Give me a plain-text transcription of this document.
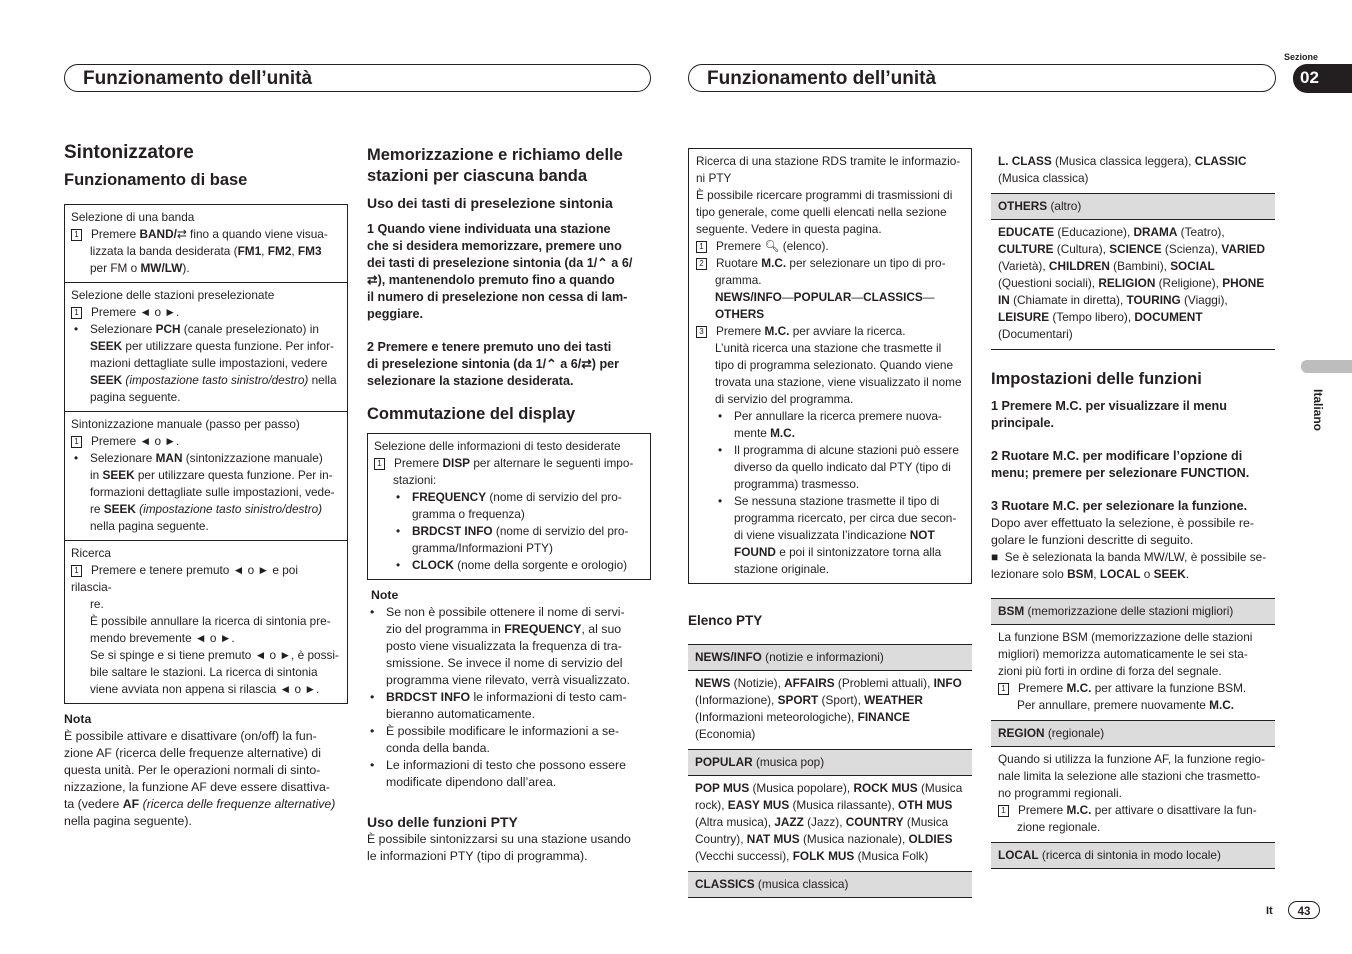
Funzionamento dell’unità	Funzionamento dell’unità
Sezione
02
Italiano
It	43
Sintonizzatore
Funzionamento di base
Selezione di una banda
1 Premere BAND/⇄ fino a quando viene visua-
lizzata la banda desiderata (FM1, FM2, FM3
per FM o MW/LW).
Selezione delle stazioni preselezionate
1 Premere ◄ o ►.
• Selezionare PCH (canale preselezionato) in
SEEK per utilizzare questa funzione. Per infor-
mazioni dettagliate sulle impostazioni, vedere
SEEK (impostazione tasto sinistro/destro) nella
pagina seguente.
Sintonizzazione manuale (passo per passo)
1 Premere ◄ o ►.
• Selezionare MAN (sintonizzazione manuale)
in SEEK per utilizzare questa funzione. Per in-
formazioni dettagliate sulle impostazioni, vede-
re SEEK (impostazione tasto sinistro/destro)
nella pagina seguente.
Ricerca
1 Premere e tenere premuto ◄ o ► e poi rilascia-
re.
È possibile annullare la ricerca di sintonia pre-
mendo brevemente ◄ o ►.
Se si spinge e si tiene premuto ◄ o ►, è possi-
bile saltare le stazioni. La ricerca di sintonia
viene avviata non appena si rilascia ◄ o ►.
Nota
È possibile attivare e disattivare (on/off) la fun-
zione AF (ricerca delle frequenze alternative) di
questa unità. Per le operazioni normali di sinto-
nizzazione, la funzione AF deve essere disattiva-
ta (vedere AF (ricerca delle frequenze alternative)
nella pagina seguente).
Memorizzazione e richiamo delle
stazioni per ciascuna banda
Uso dei tasti di preselezione sintonia
1 Quando viene individuata una stazione
che si desidera memorizzare, premere uno
dei tasti di preselezione sintonia (da 1/⌃ a 6/
⇄), mantenendolo premuto fino a quando
il numero di preselezione non cessa di lam-
peggiare.
2 Premere e tenere premuto uno dei tasti
di preselezione sintonia (da 1/⌃ a 6/⇄) per
selezionare la stazione desiderata.
Commutazione del display
Selezione delle informazioni di testo desiderate
1 Premere DISP per alternare le seguenti impo-
stazioni:
• FREQUENCY (nome di servizio del pro-
gramma o frequenza)
• BRDCST INFO (nome di servizio del pro-
gramma/Informazioni PTY)
• CLOCK (nome della sorgente e orologio)
Note
• Se non è possibile ottenere il nome di servi-
zio del programma in FREQUENCY, al suo
posto viene visualizzata la frequenza di tra-
smissione. Se invece il nome di servizio del
programma viene rilevato, verrà visualizzato.
• BRDCST INFO le informazioni di testo cam-
bieranno automaticamente.
• È possibile modificare le informazioni a se-
conda della banda.
• Le informazioni di testo che possono essere
modificate dipendono dall’area.
Uso delle funzioni PTY
È possibile sintonizzarsi su una stazione usando
le informazioni PTY (tipo di programma).
Ricerca di una stazione RDS tramite le informazio-
ni PTY
È possibile ricercare programmi di trasmissioni di
tipo generale, come quelli elencati nella sezione
seguente. Vedere in questa pagina.
1 Premere 🔍︎ (elenco).
2 Ruotare M.C. per selezionare un tipo di pro-
gramma.
NEWS/INFO—POPULAR—CLASSICS—
OTHERS
3 Premere M.C. per avviare la ricerca.
L’unità ricerca una stazione che trasmette il
tipo di programma selezionato. Quando viene
trovata una stazione, viene visualizzato il nome
di servizio del programma.
• Per annullare la ricerca premere nuova-
mente M.C.
• Il programma di alcune stazioni può essere
diverso da quello indicato dal PTY (tipo di
programma) trasmesso.
• Se nessuna stazione trasmette il tipo di
programma ricercato, per circa due secon-
di viene visualizzata l’indicazione NOT
FOUND e poi il sintonizzatore torna alla
stazione originale.
Elenco PTY
NEWS/INFO (notizie e informazioni)
NEWS (Notizie), AFFAIRS (Problemi attuali), INFO (Informazione), SPORT (Sport), WEATHER (Informazioni meteorologiche), FINANCE (Economia)
POPULAR (musica pop)
POP MUS (Musica popolare), ROCK MUS (Musica rock), EASY MUS (Musica rilassante), OTH MUS (Altra musica), JAZZ (Jazz), COUNTRY (Musica Country), NAT MUS (Musica nazionale), OLDIES (Vecchi successi), FOLK MUS (Musica Folk)
CLASSICS (musica classica)
L. CLASS (Musica classica leggera), CLASSIC (Musica classica)
OTHERS (altro)
EDUCATE (Educazione), DRAMA (Teatro), CULTURE (Cultura), SCIENCE (Scienza), VARIED (Varietà), CHILDREN (Bambini), SOCIAL (Questioni sociali), RELIGION (Religione), PHONE IN (Chiamate in diretta), TOURING (Viaggi), LEISURE (Tempo libero), DOCUMENT (Documentari)
Impostazioni delle funzioni
1 Premere M.C. per visualizzare il menu
principale.
2 Ruotare M.C. per modificare l’opzione di
menu; premere per selezionare FUNCTION.
3 Ruotare M.C. per selezionare la funzione.
Dopo aver effettuato la selezione, è possibile re-
golare le funzioni descritte di seguito.
■ Se è selezionata la banda MW/LW, è possibile se-
lezionare solo BSM, LOCAL o SEEK.
BSM (memorizzazione delle stazioni migliori)
La funzione BSM (memorizzazione delle stazioni
migliori) memorizza automaticamente le sei sta-
zioni più forti in ordine di forza del segnale.
1 Premere M.C. per attivare la funzione BSM.
Per annullare, premere nuovamente M.C.
REGION (regionale)
Quando si utilizza la funzione AF, la funzione regio-
nale limita la selezione alle stazioni che trasmetto-
no programmi regionali.
1 Premere M.C. per attivare o disattivare la fun-
zione regionale.
LOCAL (ricerca di sintonia in modo locale)
